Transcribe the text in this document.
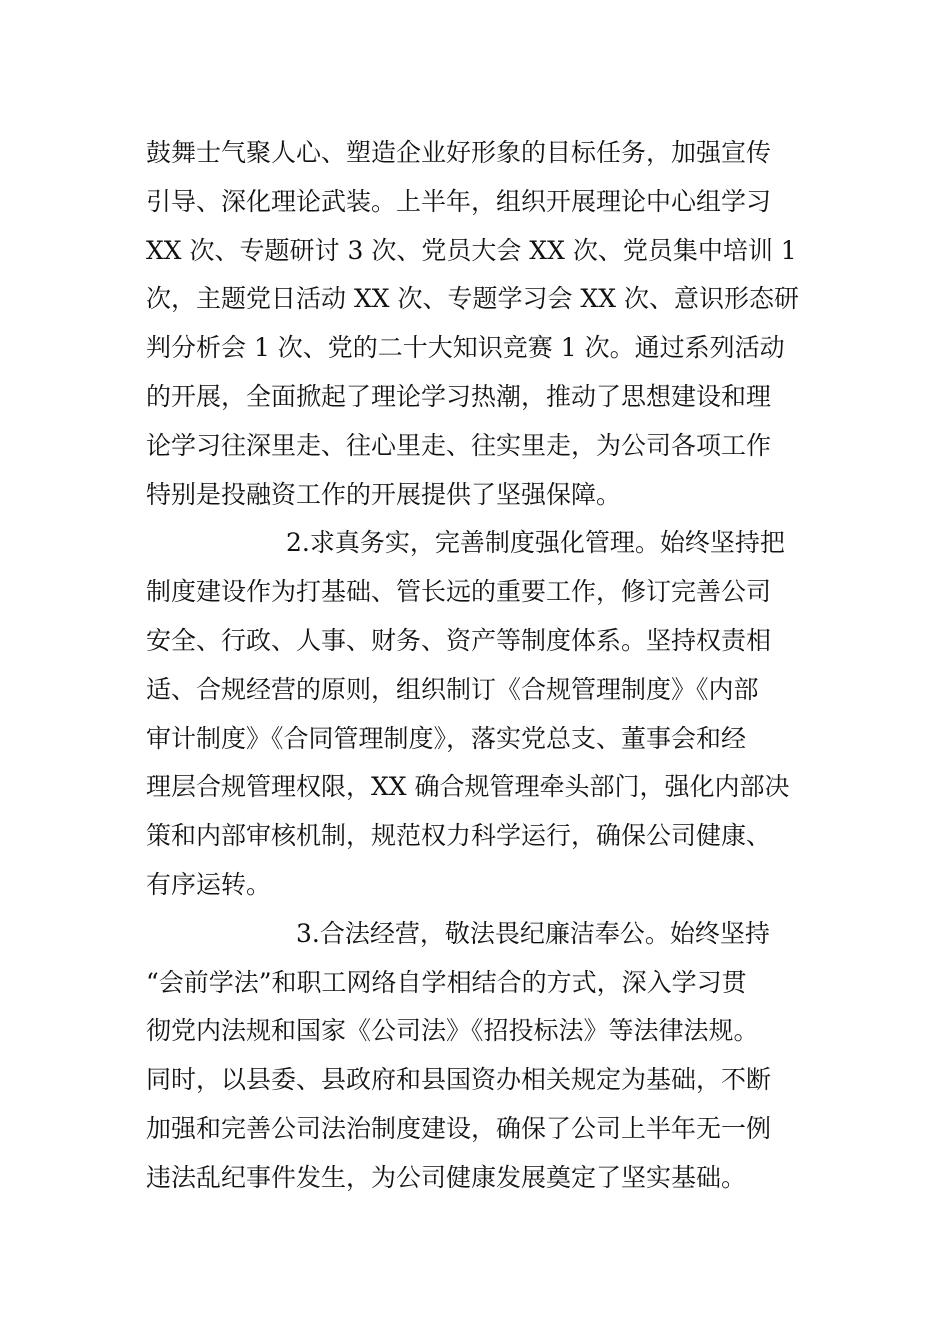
鼓舞士气聚人心、塑造企业好形象的目标任务，加强宣传
引导、深化理论武装。上半年，组织开展理论中心组学习
XX 次、专题研讨 3 次、党员大会 XX 次、党员集中培训 1
次，主题党日活动 XX 次、专题学习会 XX 次、意识形态研
判分析会 1 次、党的二十大知识竞赛 1 次。通过系列活动
的开展，全面掀起了理论学习热潮，推动了思想建设和理
论学习往深里走、往心里走、往实里走，为公司各项工作
特别是投融资工作的开展提供了坚强保障。
2.求真务实，完善制度强化管理。始终坚持把
制度建设作为打基础、管长远的重要工作，修订完善公司
安全、行政、人事、财务、资产等制度体系。坚持权责相
适、合规经营的原则，组织制订《合规管理制度》《内部
审计制度》《合同管理制度》，落实党总支、董事会和经
理层合规管理权限，XX 确合规管理牵头部门，强化内部决
策和内部审核机制，规范权力科学运行，确保公司健康、
有序运转。
3.合法经营，敬法畏纪廉洁奉公。始终坚持
“会前学法”和职工网络自学相结合的方式，深入学习贯
彻党内法规和国家《公司法》《招投标法》等法律法规。
同时，以县委、县政府和县国资办相关规定为基础，不断
加强和完善公司法治制度建设，确保了公司上半年无一例
违法乱纪事件发生，为公司健康发展奠定了坚实基础。
